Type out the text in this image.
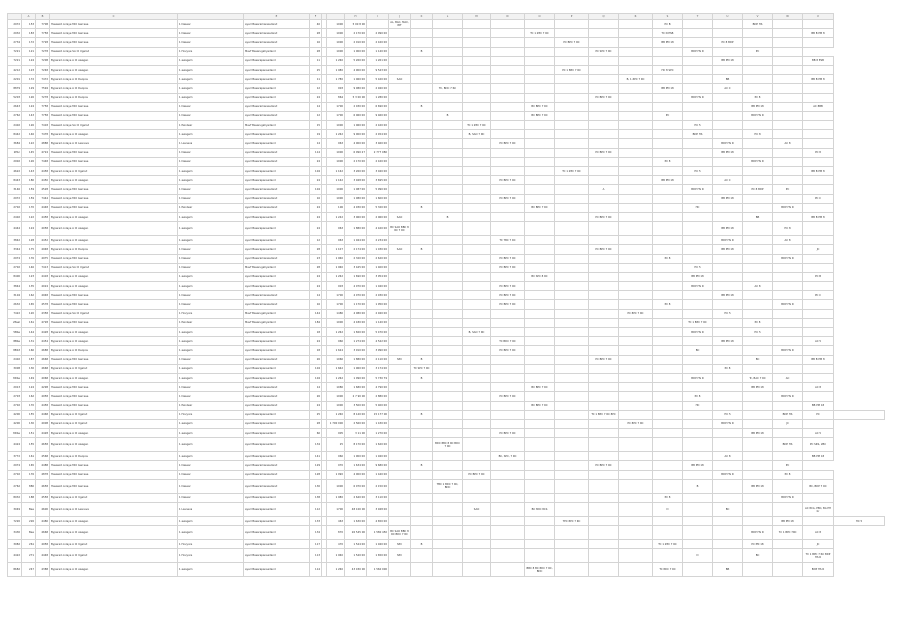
	A	B	C		E	F			H	I	J	K	L	M	N	O	P	Q	R	S	T	U	V	W	X	
2972	153	7708	Hasweld onlaye MCI Gerreae	1 Dasear	ayarl Basaramanwedand	40		1000	5 00 8 00		AL, BAC, MAC, IBT									PC B			BDP HS			
2932	183	7758	Hasweld onlaye MCI Gerreae	1 Dasear	ayarl Basaramanwedand	28		1000	2 170 00	2 090 00						TC 1 ZPC 7 RC				TC N ESB					BB B PM 8	
2734	172	7728	Hasweld onlaye MCI Gerreae	1 Dasear	ayarl Basaramanwedand	16		1000	2 010 00	2 160 00							PC BPC 7 RC			BB PM 18		PC 8 BDP				
7221	121	7278	Hasweld onlaye SA CI Ugelod	1 Hovyore	Mavf Basarugahyedand	28		1000	1 000 00	1 140 00		B						PC SPC 7 RC			BDP HS R		PC			
7221	124	7208	Bypered onlaye A CI awagen	1 awagem	ayarl Basarapansadand	11		1 260	5 260 00	1 261 00												BB PM 18			BB 8 ESB	
4212	123	7248	Bypered onlaye A CI awagen	1 awagem	ayarl Basarapansadand	25		1 080	4 900 00	9 543 00							PC 1 BPC 7 RC			HC 8 SPC						
2201	172	7472	Bypered onlaye A CI Deopos	1 awagem	ayarl Basarapansadand	11		1 780	1 060 00	5 420 00	SAO								B, 1 ZPC 7 RC			BB			BB B PM 8	
8879	129	7594	Bypered onlaye A CI Deopos	1 awagem	ayarl Basarapansadand	12		903	9 080 00	2 940 00			TC, BDC 7 RC							BB PM 18		AC C				
5203	126	7278	Bypered onlaye A CI Deopos	1 awagem	ayarl Basarapansadand	24		864	5 3 00 00	1 280 00								PC BPC 7 RC			BDP HS R		PC 8			
2643	124	7758	Hasweld onlaye MCI Gerreae	1 Dasear	ayarl Basaramanwedand	14		1700	2 030 00	6 690 00		B				BC BPC 7 RC							BB PM 18		AC 8BB	
2762	143	7758	Hasweld onlaye MCI Gerreae	1 Dasear	ayarl Basaramanwedand	12		1700	6 060 00	9 460 00			B			BC BPC 7 RC				PC			BDP HS R			
2402	126	7418	Hasweld onlaye SA CI Ugelod	1 Pwolwer	Mavf Basarugahyedand	15		1000	1 060 00	2 420 00				TC 1 ZPC 7 RC							HC 5					
8442	146	7478	Bypered onlaye A CI awagen	1 awagem	ayarl Basarapansadand	19		1 262	9 000 00	2 454 00				B, SAO 7 RC							BDP HS		HC 8			
3684	122	4888	Bypered onlaye A CI Lesneva	1 Lasneva	ayarl Basarapansadand	14		963	4 000 00	3 460 00					PC BPC 7 RC							BDP HS R		AC 8		
2Pbc	145	4724	Hasweld onlaye MCI Gerreae	1 Dasear	ayarl Basaramanwedand	114		1000	6 090 27	2 777 080								PC BPC 7 RC				BB PM 18			PC 8	
2902	126	7448	Hasweld onlaye MCI Gerreae	1 Dasear	ayarl Basaramanwedand	24		1000	2 170 00	2 160 00										PC 8			BDP HS R			
4622	143	4458	Bypered onlaye A CI Ugelod	1 awagem	ayarl Basarapansadand	104		1 162	3 260 00	3 040 00							TC 1 ZPC 7 RC				HC 5				BB B PM 8	
8443	180	4450	Bypered onlaye A CI awagen	1 awagem	ayarl Basarapansadand	24		1 162	3 948 00	3 695 00					PC BPC 7 RC					BB PM 18		AC C				
3146	159	4528	Hasweld onlaye MCI Gerreae	1 Dasear	ayarl Basaramanwedand	104		1000	1 087 00	5 990 00								A			BDP HS R		PC 8 BDP	PC		
2972	159	7444	Hasweld onlaye MCI Gerreae	1 Dasear	ayarl Basaramanwedand	16		1000	1 080 00	1 600 00					PC BPC 7 RC							BB PM 18			PC C	
2702	170	4448	Hasweld onlaye MCI Gerreae	1 Pwolwer	ayarl Basaramanwedand	24		106	4 930 00	5 320 00		B				BC BPC 7 RC					HC			BDP HS R		
2402	122	4458	Bypered onlaye A CI awagen	1 awagem	ayarl Basarapansadand	24		1 242	3 060 00	2 060 00	SAO		B					PC BPC 7 RC					BB		BB B PM 8	
4444	124	4058	Bypered onlaye A CI awagen	1 awagem	ayarl Basarapansadand	24		963	1 880 00	4 420 00	BC SAO BBC 8 RC 7 RC											BB PM 18		HC 8		
3842	128	4452	Bypered onlaye A CI awagen	1 awagem	ayarl Basarapansadand	12		963	1 944 00	2 234 00					TC 7BC 7 RC							BDP HS R		AC 8		
3344	175	4948	Bypered onlaye A CI Deopos	1 Dasear	ayarl Basarapansadand	28		1 107	2 174 00	1 030 00	SAO	B						PC BPC 7 RC				BB PM 18			JC	
2974	176	4975	Hasweld onlaye MCI Gerreae	1 Dasear	ayarl Basaramanwedand	23		1 060	2 320 00	2 620 00					PC BPC 7 RC					PC 8				BDP HS R		
2702	146	7413	Hasweld onlaye SA CI Ugelod	1 Dasear	Mavf Basarugahyedand	28		1 060	3 445 00	1 400 00					PC BPC 7 RC						HC 5					
8400	123	4418	Bypered onlaye A CI awagen	1 awagem	ayarl Basarapansadand	24		1 262	1 690 00	3 954 00						BC SPC 8 RC					BB PM 18				PC B	
3844	135	4024	Bypered onlaye A CI awagen	1 awagem	ayarl Basarapansadand	24		903	4 070 00	1 040 00					PC BPC 7 RC						BDP HS R		AC 8			
3104	162	4948	Hasweld onlaye MCI Gerreae	1 Dasear	ayarl Basaramanwedand	14		1700	4 070 00	2 930 00					PC BPC 7 RC							BB PM 18			PC C	
2632	165	4578	Hasweld onlaye MCI Gerreae	1 Dasear	ayarl Basaramanwedand	16		1700	1 170 00	1 950 00					PC BPC 7 RC					PC 8				BDP HS R		
7422	120	4358	Hasweld onlaye SA CI Ugelod	1 Hovyore	Mavf Basarugahyedand	144		1480	4 080 00	2 940 00									PC 8PC 7 RC			HC 5				
2Peel	161	4728	Hasweld onlaye MCI Gerreae	1 Pwolwer	Mavf Basarugahyedand	184		1000	4 180 00	1 140 00											TC 1 BPC 7 RC		PC 8			
5Bbe	144	4428	Bypered onlaye A CI awagen	1 awagem	ayarl Basarapansadand	18		1 262	1 820 00	5 470 00				B, SAO 7 RC							BDP HS R		HC 5			
8Bbe	131	4454	Bypered onlaye A CI awagen	1 awagem	ayarl Basarapansadand	24		960	1 274 00	4 542 00					TC BDC 7 RC							BB PM 18			AC 5	
8Bb3	160	4688	Bypered onlaye A CI Deopos	1 awagem	ayarl Basarapansadand	18		1 624	3 910 00	3 990 00					PC BPC 7 RC						BC			BDP HS R		
2402	187	4668	Hasweld onlaye MCI Gerreae	1 Dasear	ayarl Basaramanwedand	26		1060	1 880 00	2 110 00	SPC	B						PC BPC 7 RC					BC		BB B PM 8	
3008	130	4668	Bypered onlaye A CI Ugelod	1 awagem	ayarl Basarapansadand	104		1 662	1 960 00	3 174 00		TC SPC 7 RC										PC 8				
8Dbe	149	4068	Bypered onlaye A CI awagen	1 awagem	ayarl Basarapansadand	104		1 262	1 090 00	5 730 79		B									BDP HS R		Tc, BAC 7 RC	AC		
2913	124	4298	Hasweld onlaye MCI Gerreae	1 Dasear	ayarl Basaramanwedand	14		1080	1 680 00	4 790 00						BC BPC 7 RC							BB PM 18		AC 8	
2703	162	4958	Hasweld onlaye MCI Gerreae	1 Dasear	ayarl Basaramanwedand	26		1000	2 7 90 00	2 880 00					PC BPC 7 RC						PC 8			BDP HS R		
2702	170	4458	Hasweld onlaye MCI Gerreae	1 Pwolwer	ayarl Basaramanwedand	24		1000	3 500 00	5 400 00						BC BPC 7 RC					HC				BB PM 18	
4200	155	4468	Bypered onlaye A CI Ugelod	1 Hovyore	ayarl Basarapansadand	25		1 260	8 140 00	15 177 00		B						TC 1 BPC 7 RC 8PC				HC 5		BDP HS	PC	
4200	130	4008	Bypered onlaye A CI Ugelod	1 awagem	ayarl Basarapansadand	28		1 700 000	2 560 00	1 430 00									PC 8PC 7 RC			BDP HS R		JC		
8Dbe	151	4428	Bypered onlaye A CI awagen	1 awagem	ayarl Basarapansadand	60		905	3 11 00	1 270 00					PC BPC 7 RC								BB PM 18		AC 5	
4424	155	4658	Bypered onlaye A CI awagen	1 awagem	ayarl Basarapansadand	134		25	8 170 00	1 620 00			BDC 8BC 8 RC BDC 7 RC											BDP HS	PC SRS, 2BC	
3772	161	4568	Bypered onlaye A CI Deopos	1 awagem	ayarl Basarapansadand	141		960	1 900 00	1 940 00					BC, SPC, 7 RC							AC 8			BB PM 18	
2974	165	4488	Hasweld onlaye MCI Gerreae	1 Dasear	ayarl Basaramanwedand	129		970	1 634 00	9 680 00		B						PC BPC 7 RC			BB PM 18			PC		
2702	176	4878	Hasweld onlaye MCI Gerreae	1 Dasear	ayarl Basaramanwedand	128		1 090	4 000 00	1 440 00				PC BPC 7 RC								BDP HS R		PC 8		
2762	880	4658	Hasweld onlaye MCI Gerreae	1 Dasear	ayarl Basaramanwedand	130		1000	6 070 00	2 150 00			TBC 1 BDC 7 RC, BDC								B		BB PM 18		BC, BDP 7 RC	
8932	188	4558	Bypered onlaye A CI Ugelod	1 Dasear	ayarl Basarapansadand	138		1 080	2 640 00	3 110 00										PC 8				BDP HS R		
3049	Bee	4600	Bypered onlaye A CI Lesneva	1 Lasneva	ayarl Basarapansadand	112		1700	48 100 00	3 948 00				SAO		BC 8DC 8Cb				D		BC			AC 8CA, PBC, BA PH br	
7220	226	4480	Bypered onlaye A CI awagen	1 awagem	ayarl Basarapansadand	133		463	1 630 00	4 650 00							TPC 8PC 7 RC							BB PM 18		HC 5
3430	Bee	4668	Bypered onlaye A CI awagen	1 awagem	ayarl Basarapansadand	134		870	26 545 00	1 580 450	BC SAO BBC 8 RC BDC 7 RC												BDP HS R	7C 1 BPC 7RC	AC 8	
3982	261	4958	Bypered onlaye A CI Ugelod	1 Hovyore	ayarl Basarapansadand	117		470	1 544 00	1 940 00	SPC	B								TC 1 ZPC 7 RC			PC PM 18		JC	
4422	271	4448	Bypered onlaye A CI Ugelod	1 Hovyore	ayarl Basarapansadand	113		1 060	1 540 00	1 650 00	SPC										D		BC		TC 1 BPC 7 RC BDP HS R	
8682	247	4388	Bypered onlaye A CI awagen	1 awagem	ayarl Basarapansadand	114		1 260	43 450 00	1 560 000						BBC 8 BC 8DC 7 RC, BDC				TC 8DC 7 RC		BB			BDP HS R	
